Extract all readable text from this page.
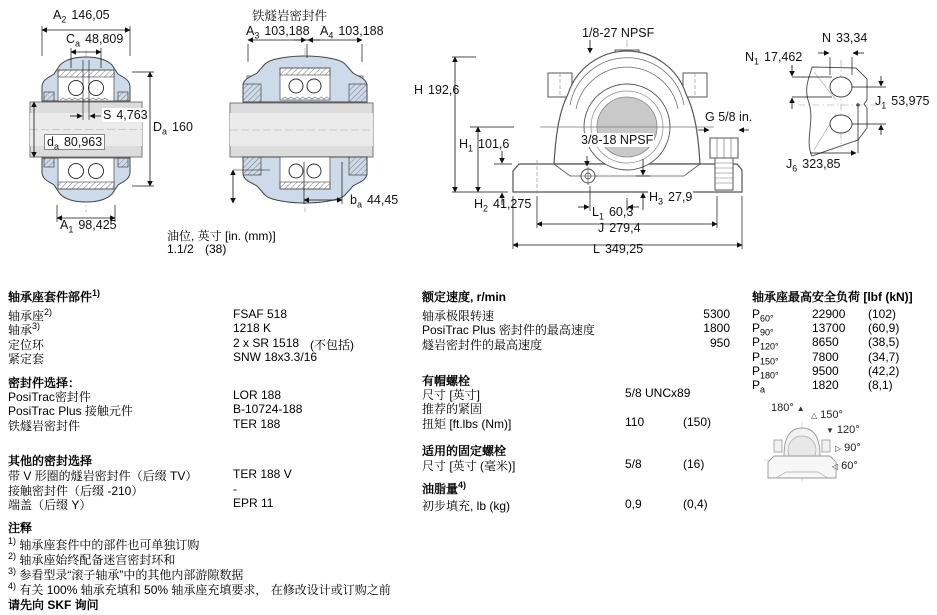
$A_2$ 146,05
$C_a$ 48,809
S 4,763
$D_a$ 160
$d_a$ 80,963
$A_1$ 98,425
铁燧岩密封件
$A_3$ 103,188 $A_4$ 103,188
$b_a$ 44,45
H 192,6
油位, 英寸 [in. (mm)]
1.1/2 (38)
1/8-27 NPSF
$H_1$ 101,6	3/8-18 NPSF
G 5/8 in.
$H_2$ 41,275	$H_3$ 27,9
$L_1$ 60,3
J 279,4
L 349,25
N 33,34
$N_1$ 17,462
$J_1$ 53,975
$J_6$ 323,85
轴承座套件部件$^{1)}$
轴承座$^{2)}$	FSAF 518
轴承$^{3)}$	1218 K
定位环	2 x SR 1518 (不包括)
紧定套	SNW 18x3.3/16
密封件选择：
PosiTrac密封件	LOR 188
PosiTrac Plus 接触元件	B-10724-188
铁燧岩密封件	TER 188
其他的密封选择
带 V 形圈的燧岩密封件（后缀 TV）	TER 188 V
接触密封件（后缀 -210）	-
端盖（后缀 Y）	EPR 11
额定速度, r/min
轴承极限转速	5300
PosiTrac Plus 密封件的最高速度	1800
燧岩密封件的最高速度	950
有帽螺栓
尺寸 [英寸]	5/8 UNCx89
推荐的紧固
扭矩 [ft.lbs (Nm)]	110	(150)
适用的固定螺栓
尺寸 [英寸 (毫米)]	5/8	(16)
油脂量$^{4)}$
初步填充, lb (kg)	0,9	(0,4)
轴承座最高安全负荷 [lbf (kN)]
$P_{60^\circ}$	22900 (102)
$P_{90^\circ}$	13700 (60,9)
$P_{120^\circ}$	8650 (38,5)
$P_{150^\circ}$	7800 (34,7)
$P_{180^\circ}$	9500 (42,2)
$P_a$	1820 (8,1)
180° ▲
△ 150°
▼ 120°
▷ 90°
◁ 60°
注释
$^{1)}$ 轴承座套件中的部件也可单独订购
$^{2)}$ 轴承座始终配备迷宫密封环和
$^{3)}$ 参看型录“滚子轴承”中的其他内部游隙数据
$^{4)}$ 有关 100% 轴承充填和 50% 轴承座充填要求， 在修改设计或订购之前
请先向 SKF 询问
